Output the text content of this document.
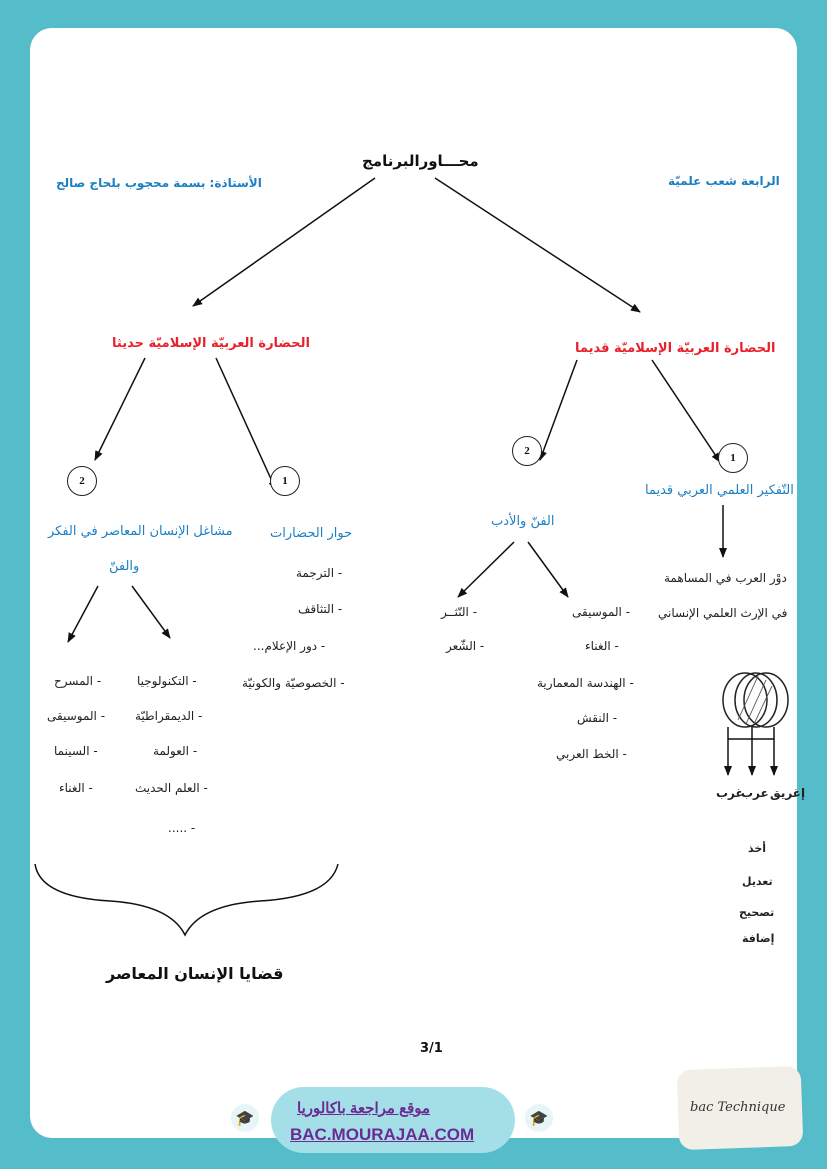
محـــاورالبرنامج
الأستاذة: بسمة محجوب بلحاج صالح	الرابعة شعب علميّة
الحضارة العربيّة الإسلاميّة حديثا	الحضارة العربيّة الإسلاميّة قديما
2	1
2
1
التّفكير العلمي العربي قديما
دوْر العرب في المساهمة
في الإرث العلمي الإنساني
إغريق
عرب
غرب
أخذ
تعديل
تصحيح
إضافة
الفنّ والأدب
- الموسيقى
- الغناء
- الهندسة المعمارية
- النقش
- الخط العربي
- النّثــر
- الشّعر
حوار الحضارات
- الترجمة
- التثاقف
- دور الإعلام...
- الخصوصيّة والكونيّة
مشاغل الإنسان المعاصر في الفكر
والفنّ
- التكنولوجيا
- الديمقراطيّة
- العولمة
- العلم الحديث
- .....
- المسرح
- الموسيقى
- السينما
- الغناء
قضايا الإنسان المعاصر
3/1
موقع مراجعة باكالوريا
BAC.MOURAJAA.COM
🎓	🎓
bac Technique
